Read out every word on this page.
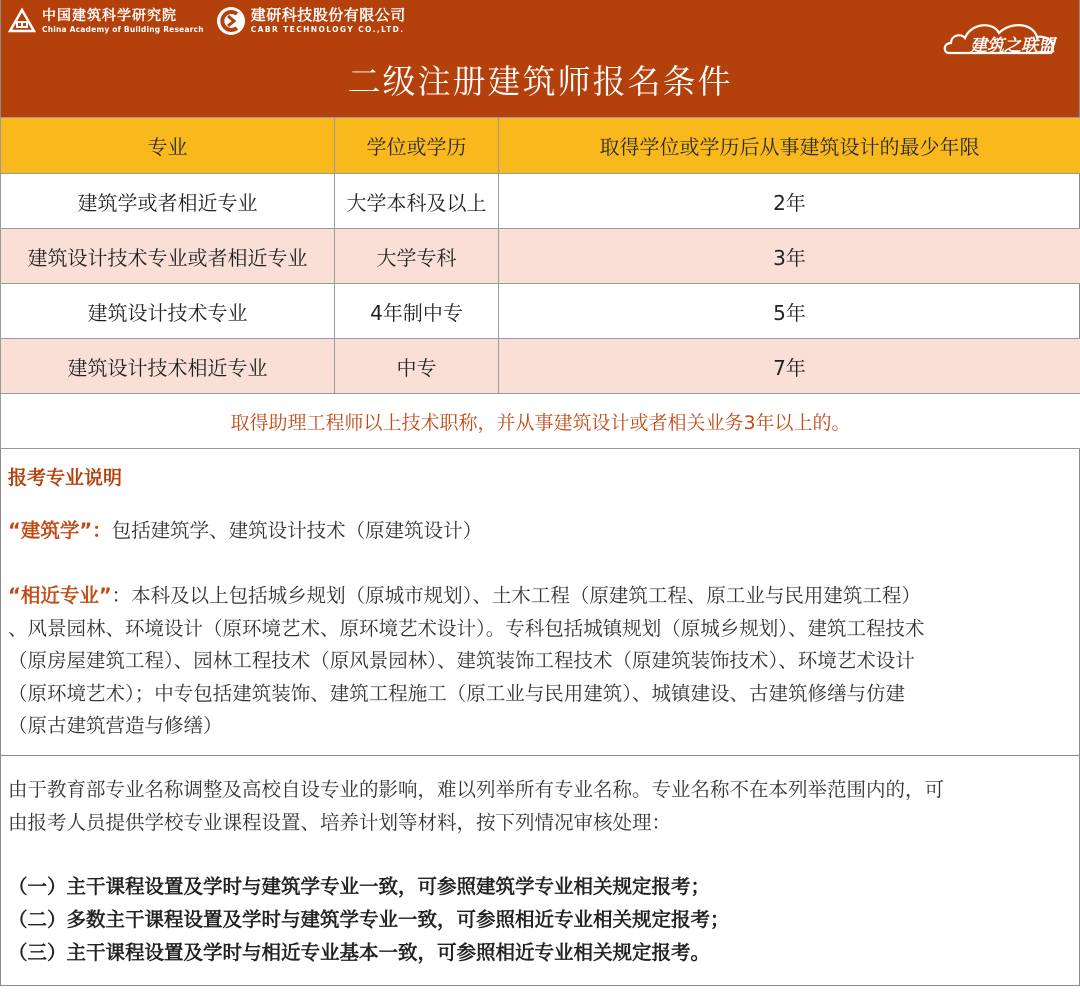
中国建筑科学研究院
China Academy of Building Research
建研科技股份有限公司
CABR TECHNOLOGY CO.,LTD.
建筑之联盟
二级注册建筑师报名条件
专业	学位或学历	取得学位或学历后从事建筑设计的最少年限
建筑学或者相近专业	大学本科及以上	2年
建筑设计技术专业或者相近专业	大学专科	3年
建筑设计技术专业	4年制中专	5年
建筑设计技术相近专业	中专	7年
取得助理工程师以上技术职称，并从事建筑设计或者相关业务3年以上的。		
报考专业说明
“建筑学”：包括建筑学、建筑设计技术（原建筑设计）
“相近专业”：本科及以上包括城乡规划（原城市规划）、土木工程（原建筑工程、原工业与民用建筑工程）
、风景园林、环境设计（原环境艺术、原环境艺术设计）。专科包括城镇规划（原城乡规划）、建筑工程技术
（原房屋建筑工程）、园林工程技术（原风景园林）、建筑装饰工程技术（原建筑装饰技术）、环境艺术设计
（原环境艺术）；中专包括建筑装饰、建筑工程施工（原工业与民用建筑）、城镇建设、古建筑修缮与仿建
（原古建筑营造与修缮）
由于教育部专业名称调整及高校自设专业的影响，难以列举所有专业名称。专业名称不在本列举范围内的，可
由报考人员提供学校专业课程设置、培养计划等材料，按下列情况审核处理：
（一）主干课程设置及学时与建筑学专业一致，可参照建筑学专业相关规定报考；
（二）多数主干课程设置及学时与建筑学专业一致，可参照相近专业相关规定报考；
（三）主干课程设置及学时与相近专业基本一致，可参照相近专业相关规定报考。
